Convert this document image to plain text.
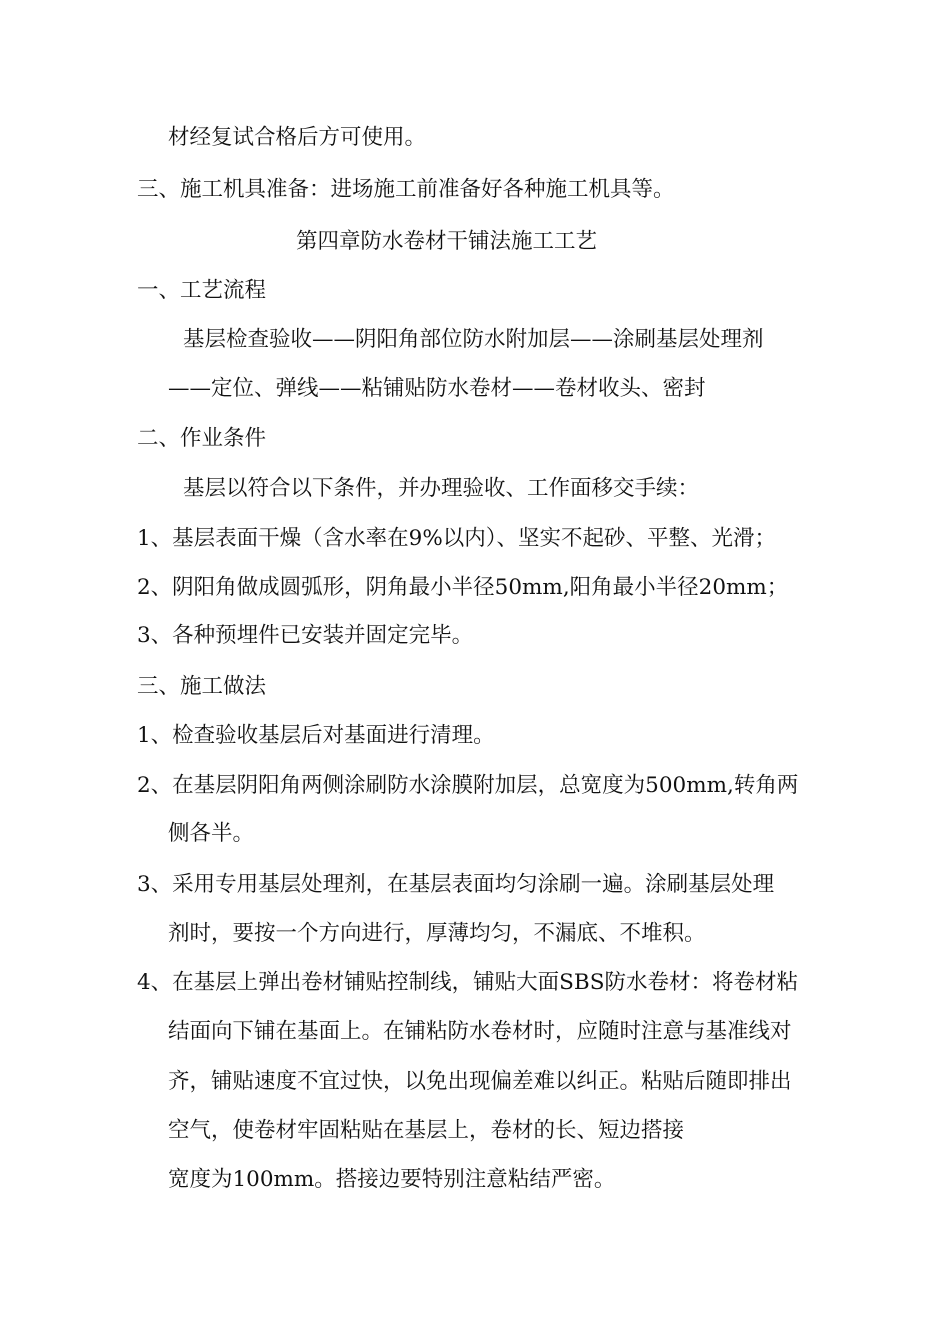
材经复试合格后方可使用。
三、施工机具准备：进场施工前准备好各种施工机具等。
第四章防水卷材干铺法施工工艺
一、工艺流程
基层检查验收——阴阳角部位防水附加层——涂刷基层处理剂
——定位、弹线——粘铺贴防水卷材——卷材收头、密封
二、作业条件
基层以符合以下条件，并办理验收、工作面移交手续：
1、基层表面干燥（含水率在9%以内）、坚实不起砂、平整、光滑；
2、阴阳角做成圆弧形，阴角最小半径50mm,阳角最小半径20mm；
3、各种预埋件已安装并固定完毕。
三、施工做法
1、检查验收基层后对基面进行清理。
2、在基层阴阳角两侧涂刷防水涂膜附加层，总宽度为500mm,转角两
侧各半。
3、采用专用基层处理剂，在基层表面均匀涂刷一遍。涂刷基层处理
剂时，要按一个方向进行，厚薄均匀，不漏底、不堆积。
4、在基层上弹出卷材铺贴控制线，铺贴大面SBS防水卷材：将卷材粘
结面向下铺在基面上。在铺粘防水卷材时，应随时注意与基准线对
齐，铺贴速度不宜过快，以免出现偏差难以纠正。粘贴后随即排出
空气，使卷材牢固粘贴在基层上，卷材的长、短边搭接
宽度为100mm。搭接边要特别注意粘结严密。
